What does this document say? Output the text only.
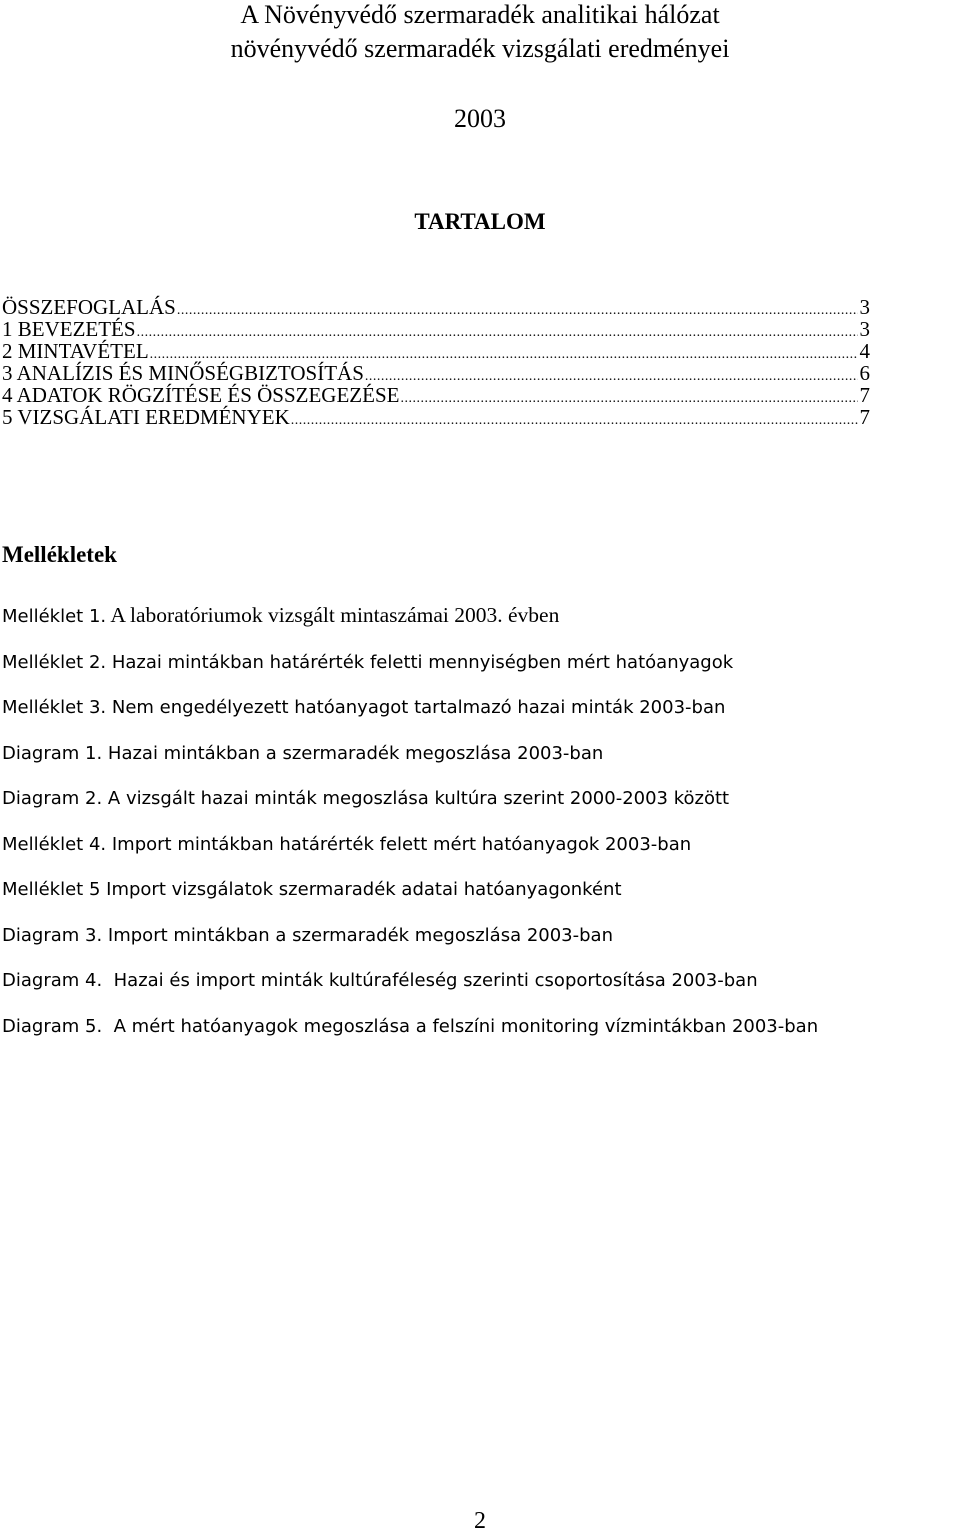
A Növényvédő szermaradék analitikai hálózat
növényvédő szermaradék vizsgálati eredményei
2003
TARTALOM
ÖSSZEFOGLALÁS .....	3
1 BEVEZETÉS .....	3
2 MINTAVÉTEL .....	4
3 ANALÍZIS ÉS MINŐSÉGBIZTOSÍTÁS .....	6
4 ADATOK RÖGZÍTÉSE ÉS ÖSSZEGEZÉSE .....	7
5 VIZSGÁLATI EREDMÉNYEK .....	7
Mellékletek
Melléklet 1. A laboratóriumok vizsgált mintaszámai 2003. évben
Melléklet 2. Hazai mintákban határérték feletti mennyiségben mért hatóanyagok
Melléklet 3. Nem engedélyezett hatóanyagot tartalmazó hazai minták 2003-ban
Diagram 1. Hazai mintákban a szermaradék megoszlása 2003-ban
Diagram 2. A vizsgált hazai minták megoszlása kultúra szerint 2000-2003 között
Melléklet 4. Import mintákban határérték felett mért hatóanyagok 2003-ban
Melléklet 5 Import vizsgálatok szermaradék adatai hatóanyagonként
Diagram 3. Import mintákban a szermaradék megoszlása 2003-ban
Diagram 4.  Hazai és import minták kultúraféleség szerinti csoportosítása 2003-ban
Diagram 5.  A mért hatóanyagok megoszlása a felszíni monitoring vízmintákban 2003-ban
2
